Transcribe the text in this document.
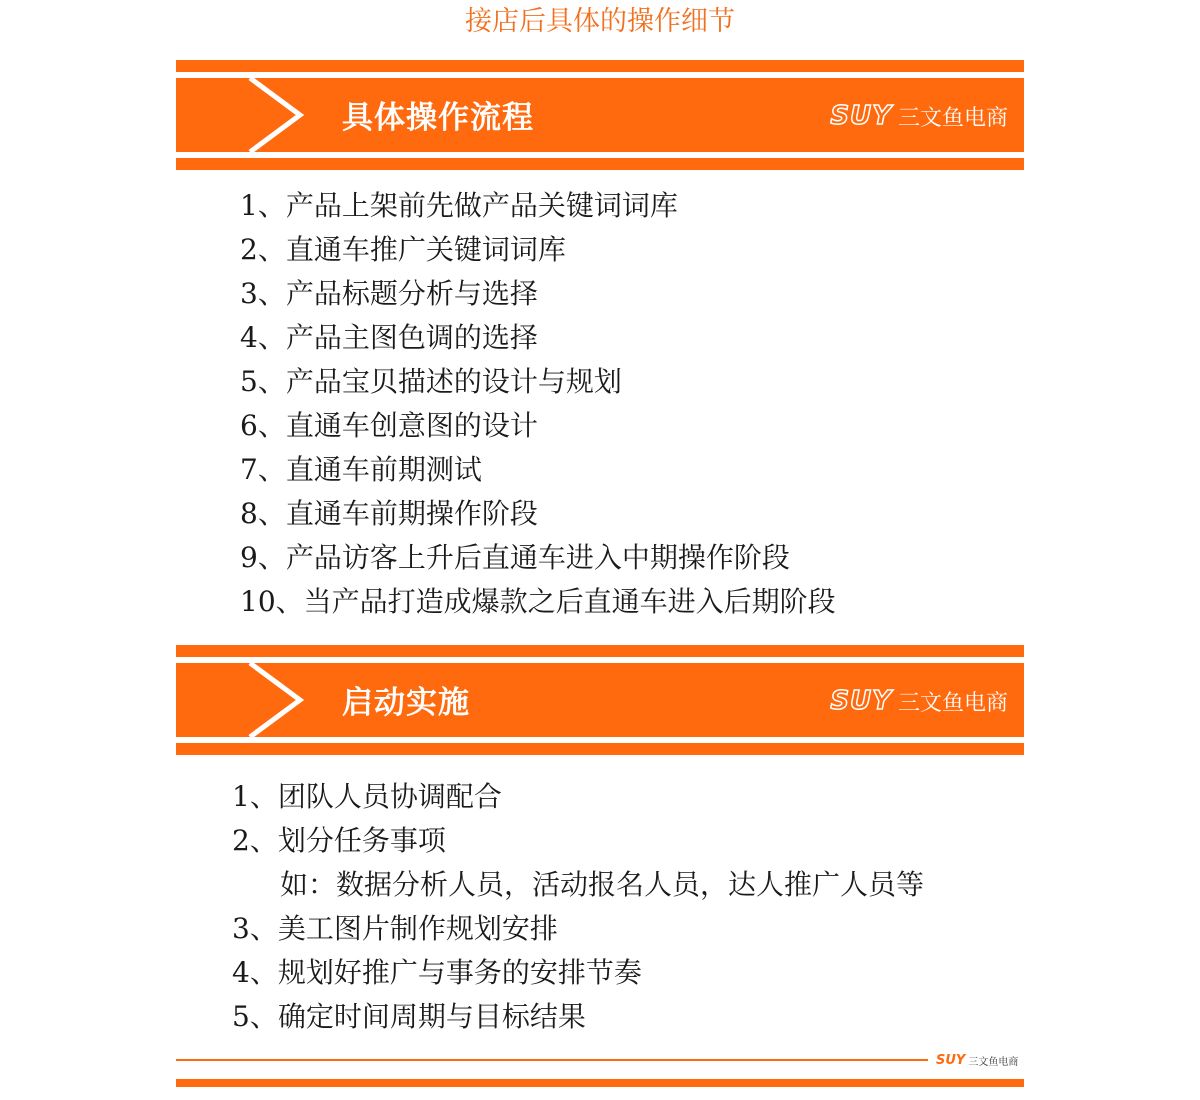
接店后具体的操作细节
具体操作流程	SUY 三文鱼电商
1、产品上架前先做产品关键词词库
2、直通车推广关键词词库
3、产品标题分析与选择
4、产品主图色调的选择
5、产品宝贝描述的设计与规划
6、直通车创意图的设计
7、直通车前期测试
8、直通车前期操作阶段
9、产品访客上升后直通车进入中期操作阶段
10、当产品打造成爆款之后直通车进入后期阶段
启动实施	SUY 三文鱼电商
1、团队人员协调配合
2、划分任务事项
如：数据分析人员，活动报名人员，达人推广人员等
3、美工图片制作规划安排
4、规划好推广与事务的安排节奏
5、确定时间周期与目标结果
SUY 三文鱼电商
